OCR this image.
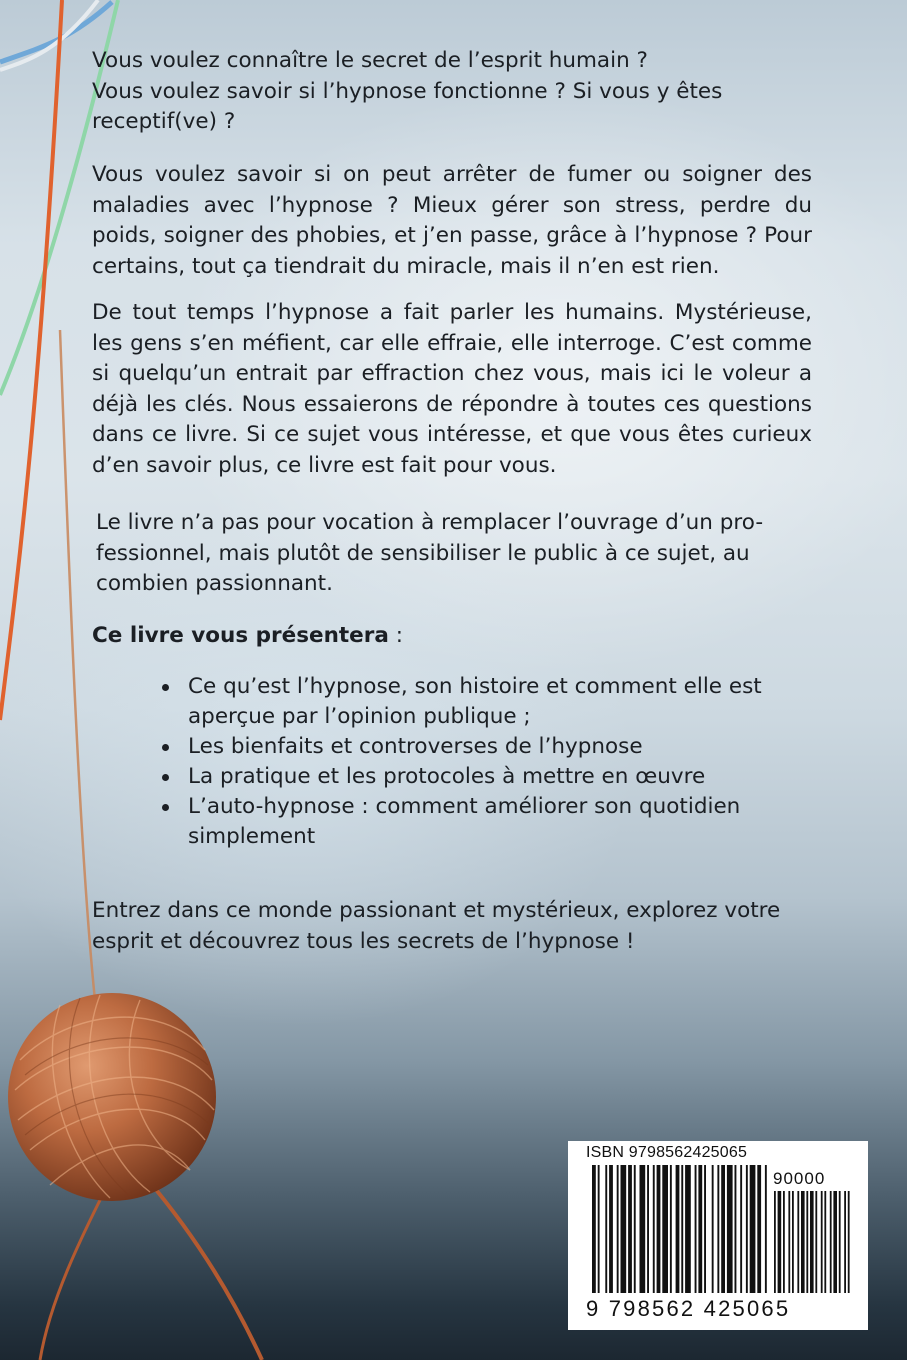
Vous voulez connaître le secret de l’esprit humain ?
Vous voulez savoir si l’hypnose fonctionne ? Si vous y êtes receptif(ve) ?

Vous voulez savoir si on peut arrêter de fumer ou soigner des maladies avec l’hypnose ? Mieux gérer son stress, perdre du poids, soigner des phobies, et j’en passe, grâce à l’hypnose ? Pour certains, tout ça tiendrait du miracle, mais il n’en est rien.

De tout temps l’hypnose a fait parler les humains. Mystérieuse, les gens s’en méfient, car elle effraie, elle interroge. C’est comme si quelqu’un entrait par effraction chez vous, mais ici le voleur a déjà les clés. Nous essaierons de répondre à toutes ces questions dans ce livre. Si ce sujet vous intéresse, et que vous êtes curieux d’en savoir plus, ce livre est fait pour vous.

Le livre n’a pas pour vocation à remplacer l’ouvrage d’un pro-fessionnel, mais plutôt de sensibiliser le public à ce sujet, au combien passionnant.

Ce livre vous présentera :

Ce qu’est l’hypnose, son histoire et comment elle est aperçue par l’opinion publique ;
Les bienfaits et controverses de l’hypnose
La pratique et les protocoles à mettre en œuvre
L’auto-hypnose : comment améliorer son quotidien simplement

Entrez dans ce monde passionant et mystérieux, explorez votre esprit et découvrez tous les secrets de l’hypnose !

ISBN 9798562425065
90000
9 798562 425065
